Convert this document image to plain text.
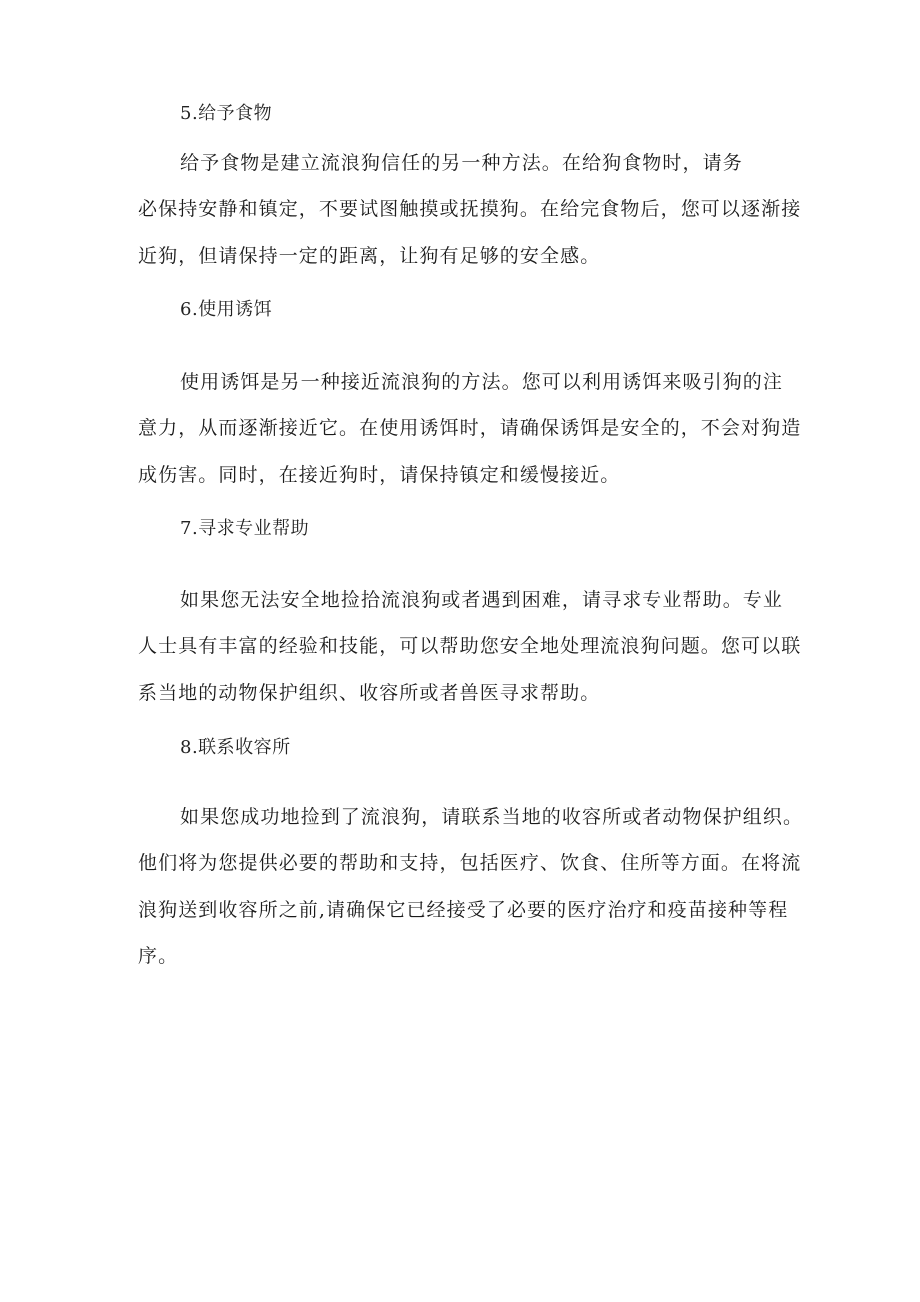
5.给予食物
给予食物是建立流浪狗信任的另一种方法。在给狗食物时，请务
必保持安静和镇定，不要试图触摸或抚摸狗。在给完食物后，您可以逐渐接
近狗，但请保持一定的距离，让狗有足够的安全感。
6.使用诱饵
使用诱饵是另一种接近流浪狗的方法。您可以利用诱饵来吸引狗的注
意力，从而逐渐接近它。在使用诱饵时，请确保诱饵是安全的，不会对狗造
成伤害。同时，在接近狗时，请保持镇定和缓慢接近。
7.寻求专业帮助
如果您无法安全地捡拾流浪狗或者遇到困难，请寻求专业帮助。专业
人士具有丰富的经验和技能，可以帮助您安全地处理流浪狗问题。您可以联
系当地的动物保护组织、收容所或者兽医寻求帮助。
8.联系收容所
如果您成功地捡到了流浪狗，请联系当地的收容所或者动物保护组织。
他们将为您提供必要的帮助和支持，包括医疗、饮食、住所等方面。在将流
浪狗送到收容所之前,请确保它已经接受了必要的医疗治疗和疫苗接种等程
序。
